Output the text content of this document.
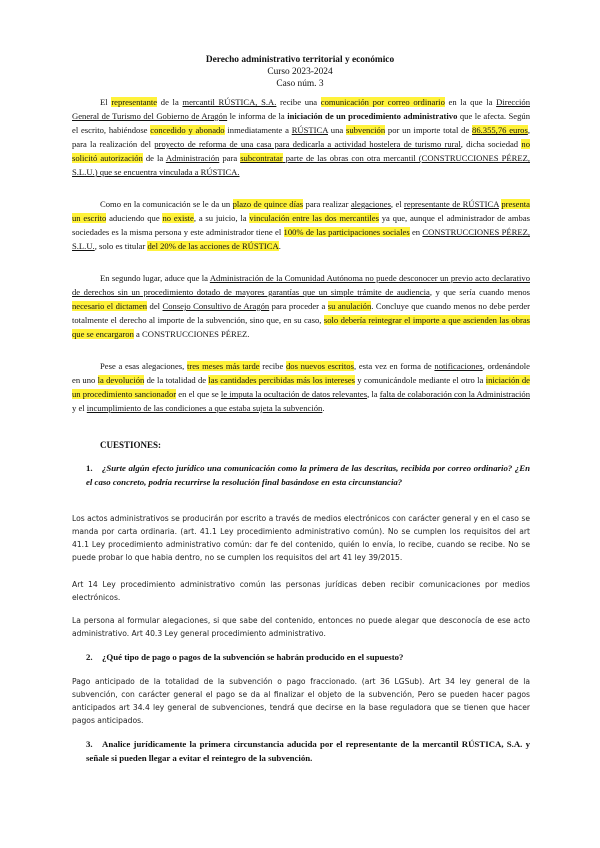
Derecho administrativo territorial y económico
Curso 2023-2024
Caso núm. 3
El representante de la mercantil RÚSTICA, S.A. recibe una comunicación por correo ordinario en la que la Dirección General de Turismo del Gobierno de Aragón le informa de la iniciación de un procedimiento administrativo que le afecta. Según el escrito, habiéndose concedido y abonado inmediatamente a RÚSTICA una subvención por un importe total de 86.355,76 euros, para la realización del proyecto de reforma de una casa para dedicarla a actividad hostelera de turismo rural, dicha sociedad no solicitó autorización de la Administración para subcontratar parte de las obras con otra mercantil (CONSTRUCCIONES PÉREZ, S.L.U.) que se encuentra vinculada a RÚSTICA.
Como en la comunicación se le da un plazo de quince días para realizar alegaciones, el representante de RÚSTICA presenta un escrito aduciendo que no existe, a su juicio, la vinculación entre las dos mercantiles ya que, aunque el administrador de ambas sociedades es la misma persona y este administrador tiene el 100% de las participaciones sociales en CONSTRUCCIONES PÉREZ, S.L.U., solo es titular del 20% de las acciones de RÚSTICA.
En segundo lugar, aduce que la Administración de la Comunidad Autónoma no puede desconocer un previo acto declarativo de derechos sin un procedimiento dotado de mayores garantías que un simple trámite de audiencia, y que sería cuando menos necesario el dictamen del Consejo Consultivo de Aragón para proceder a su anulación. Concluye que cuando menos no debe perder totalmente el derecho al importe de la subvención, sino que, en su caso, solo debería reintegrar el importe a que ascienden las obras que se encargaron a CONSTRUCCIONES PÉREZ.
Pese a esas alegaciones, tres meses más tarde recibe dos nuevos escritos, esta vez en forma de notificaciones, ordenándole en uno la devolución de la totalidad de las cantidades percibidas más los intereses y comunicándole mediante el otro la iniciación de un procedimiento sancionador en el que se le imputa la ocultación de datos relevantes, la falta de colaboración con la Administración y el incumplimiento de las condiciones a que estaba sujeta la subvención.
CUESTIONES:
1. ¿Surte algún efecto jurídico una comunicación como la primera de las descritas, recibida por correo ordinario? ¿En el caso concreto, podría recurrirse la resolución final basándose en esta circunstancia?
Los actos administrativos se producirán por escrito a través de medios electrónicos con carácter general y en el caso se manda por carta ordinaria. (art. 41.1 Ley procedimiento administrativo común). No se cumplen los requisitos del art 41.1 Ley procedimiento administrativo común: dar fe del contenido, quién lo envía, lo recibe, cuando se recibe. No se puede probar lo que habia dentro, no se cumplen los requisitos del art 41 ley 39/2015.
Art 14 Ley procedimiento administrativo común las personas jurídicas deben recibir comunicaciones por medios electrónicos.
La persona al formular alegaciones, si que sabe del contenido, entonces no puede alegar que desconocía de ese acto administrativo. Art 40.3 Ley general procedimiento administrativo.
2. ¿Qué tipo de pago o pagos de la subvención se habrán producido en el supuesto?
Pago anticipado de la totalidad de la subvención o pago fraccionado. (art 36 LGSub). Art 34 ley general de la subvención, con carácter general el pago se da al finalizar el objeto de la subvención, Pero se pueden hacer pagos anticipados art 34.4 ley general de subvenciones, tendrá que decirse en la base reguladora que se tienen que hacer pagos anticipados.
3. Analice jurídicamente la primera circunstancia aducida por el representante de la mercantil RÚSTICA, S.A. y señale si pueden llegar a evitar el reintegro de la subvención.
